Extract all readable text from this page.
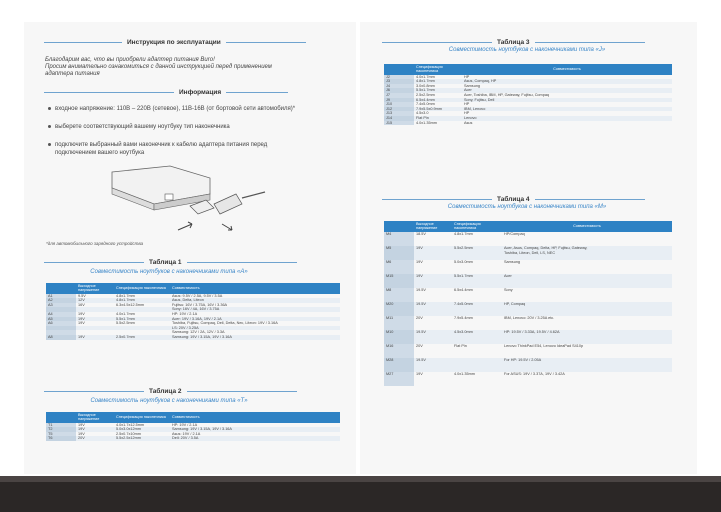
Инструкция по эксплуатации
Благодарим вас, что вы приобрели адаптер питания Buro!
Просим внимательно ознакомиться с данной инструкцией перед применением
адаптера питания
Информация
входное напряжение: 110В – 220В (сетевое), 11В-16В (от бортовой сети автомобиля)*
выберете соответствующий вашему ноутбуку тип наконечника
подключите выбранный вами наконечник к кабелю адаптера питания перед
подключением вашего ноутбука
*для автомобильного зарядного устройства
Таблица 1
Совместимость ноутбуков с наконечниками типа «A»
	Выходное напряжение	Спецификация наконечника	Совместимость
A1	9.5V	4.8х1.7mm	Asus: 9.5V / 2.5A, 9.5V / 3.5A
A2	12V	4.8х1.7mm	Asus, Delta, Liteon
A3	16V	6.3х4.5х12.5mm	Fujitsu: 16V / 3.75A, 16V / 3.36A
			Sony: 16V / 4A, 16V / 3.75A
A4	19V	4.0х1.7mm	HP: 19V / 2.1A
A5	19V	5.5х1.7mm	Acer: 19V / 3.16A, 19V / 2.1A
A6	19V	5.5х2.5mm	Toshiba, Fujitsu, Compaq, Dell, Delta, Nec, Liteon: 19V / 3.16A
			LS: 20V / 3.25A
			Samsung: 12V / 2A, 12V / 3.3A
A8	19V	2.5х0.7mm	Samsung: 19V / 3.15A, 19V / 3.16A
Таблица 2
Совместимость ноутбуков с наконечниками типа «T»
	Выходное напряжение	Спецификация наконечника	Совместимость
T1	19V	4.0х1.7х12.5mm	HP: 19V / 2.1A
T2	19V	5.0х3.0х12mm	Samsung: 19V / 3.15A, 19V / 3.16A
T5	19V	2.5х0.7х10mm	Asus: 19V / 2.1A
T6	20V	5.5х2.5х12mm	Dell: 20V / 3.5A
Таблица 3
Совместимость ноутбуков с наконечниками типа «J»
	Спецификация наконечника	Совместимость
J2	4.0х1.7mm	HP
J3	4.8х1.7mm	Asus, Compaq, HP
J4	3.0х0.8mm	Samsung
J6	5.5х1.7mm	Acer
J7	2.5х2.5mm	Acer, Toshiba, IBM, HP, Gateway, Fujitsu, Compaq
J9	6.5х4.4mm	Sony, Fujitsu, Dell
J10	7.4х5.0mm	HP
J12	7.9х5.5х0.9mm	IBM, Lenovo
J13	4.5х3.0	HP
J14	Flat Pin	Lenovo
J15	4.0х1.35mm	Asus
Таблица 4
Совместимость ноутбуков с наконечниками типа «M»
	Выходное напряжение	Спецификация наконечника	Совместимость
M4	18.5V	4.8х1.7mm	HP/Compaq

M5	19V	5.5х2.5mm	Acer, Asus, Compaq, Delta, HP, Fujitsu, Gateway,
Toshiba, Liteon, Dell, LS, NEC

M6	19V	5.0х3.0mm	Samsung

M15	19V	5.5х1.7mm	Acer

M8	19.5V	6.5х4.4mm	Sony

M20	19.5V	7.4х5.0mm	HP, Compaq

M11	20V	7.9х5.4mm	IBM, Lenovo: 20V / 3.25A etc.

M10	19.5V	4.5х3.0mm	HP: 19.5V / 3.33A, 19.5V / 4.62A

M16	20V	Flat Pin	Lenovo ThinkPad E54, Lenovo IdeaPad S410p

M28	19.5V		For HP: 19.5V / 2.05A

M27	19V	4.0х1.35mm	For ASUS: 19V / 3.37A, 19V / 3.42A
